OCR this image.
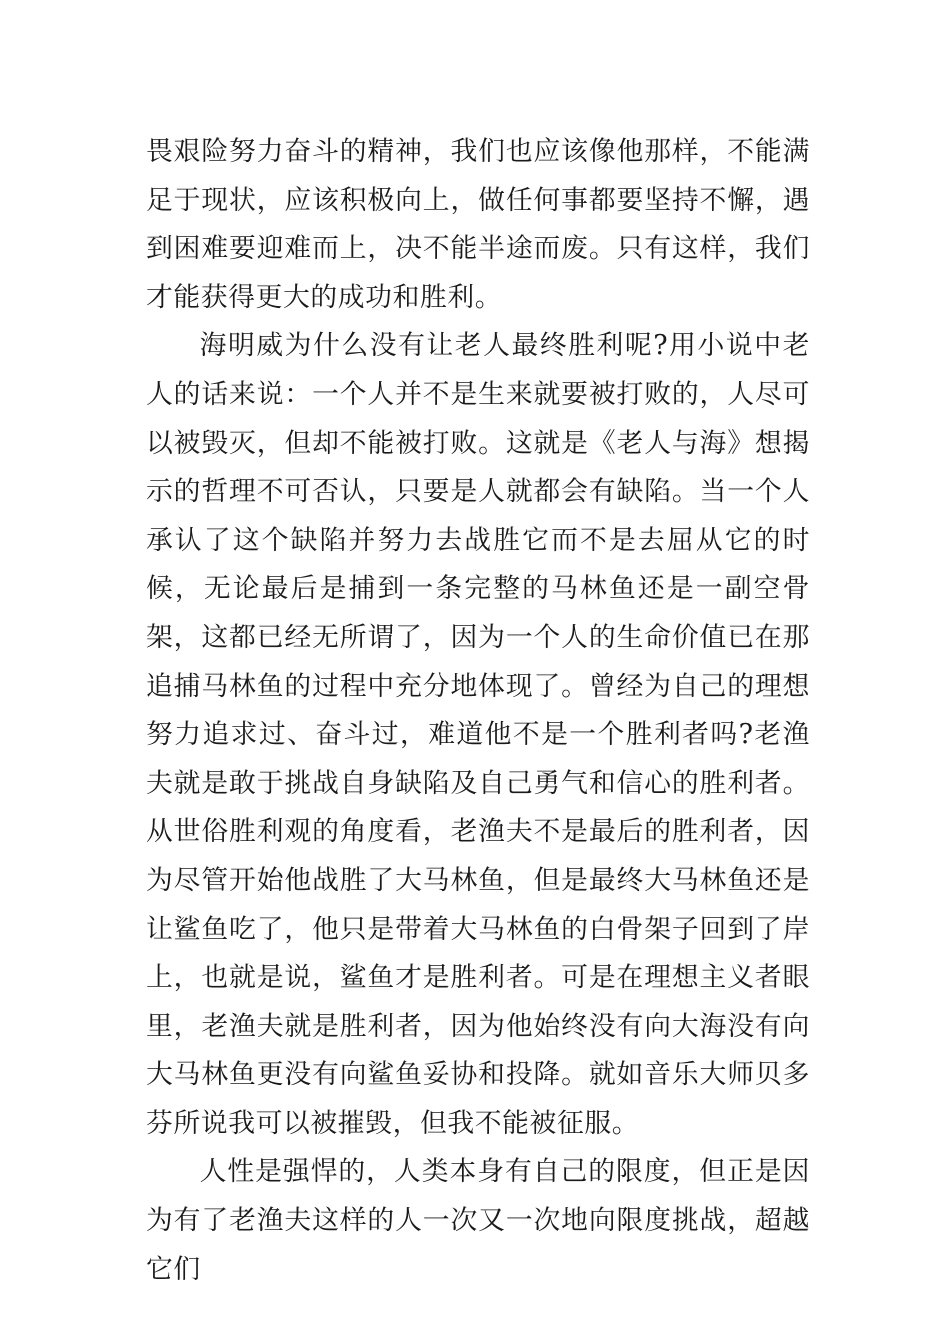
畏艰险努力奋斗的精神，我们也应该像他那样，不能满足于现状，应该积极向上，做任何事都要坚持不懈，遇到困难要迎难而上，决不能半途而废。只有这样，我们才能获得更大的成功和胜利。

海明威为什么没有让老人最终胜利呢?用小说中老人的话来说：一个人并不是生来就要被打败的，人尽可以被毁灭，但却不能被打败。这就是《老人与海》想揭示的哲理不可否认，只要是人就都会有缺陷。当一个人承认了这个缺陷并努力去战胜它而不是去屈从它的时候，无论最后是捕到一条完整的马林鱼还是一副空骨架，这都已经无所谓了，因为一个人的生命价值已在那追捕马林鱼的过程中充分地体现了。曾经为自己的理想努力追求过、奋斗过，难道他不是一个胜利者吗?老渔夫就是敢于挑战自身缺陷及自己勇气和信心的胜利者。从世俗胜利观的角度看，老渔夫不是最后的胜利者，因为尽管开始他战胜了大马林鱼，但是最终大马林鱼还是让鲨鱼吃了，他只是带着大马林鱼的白骨架子回到了岸上，也就是说，鲨鱼才是胜利者。可是在理想主义者眼里，老渔夫就是胜利者，因为他始终没有向大海没有向大马林鱼更没有向鲨鱼妥协和投降。就如音乐大师贝多芬所说我可以被摧毁，但我不能被征服。

人性是强悍的，人类本身有自己的限度，但正是因为有了老渔夫这样的人一次又一次地向限度挑战，超越它们
